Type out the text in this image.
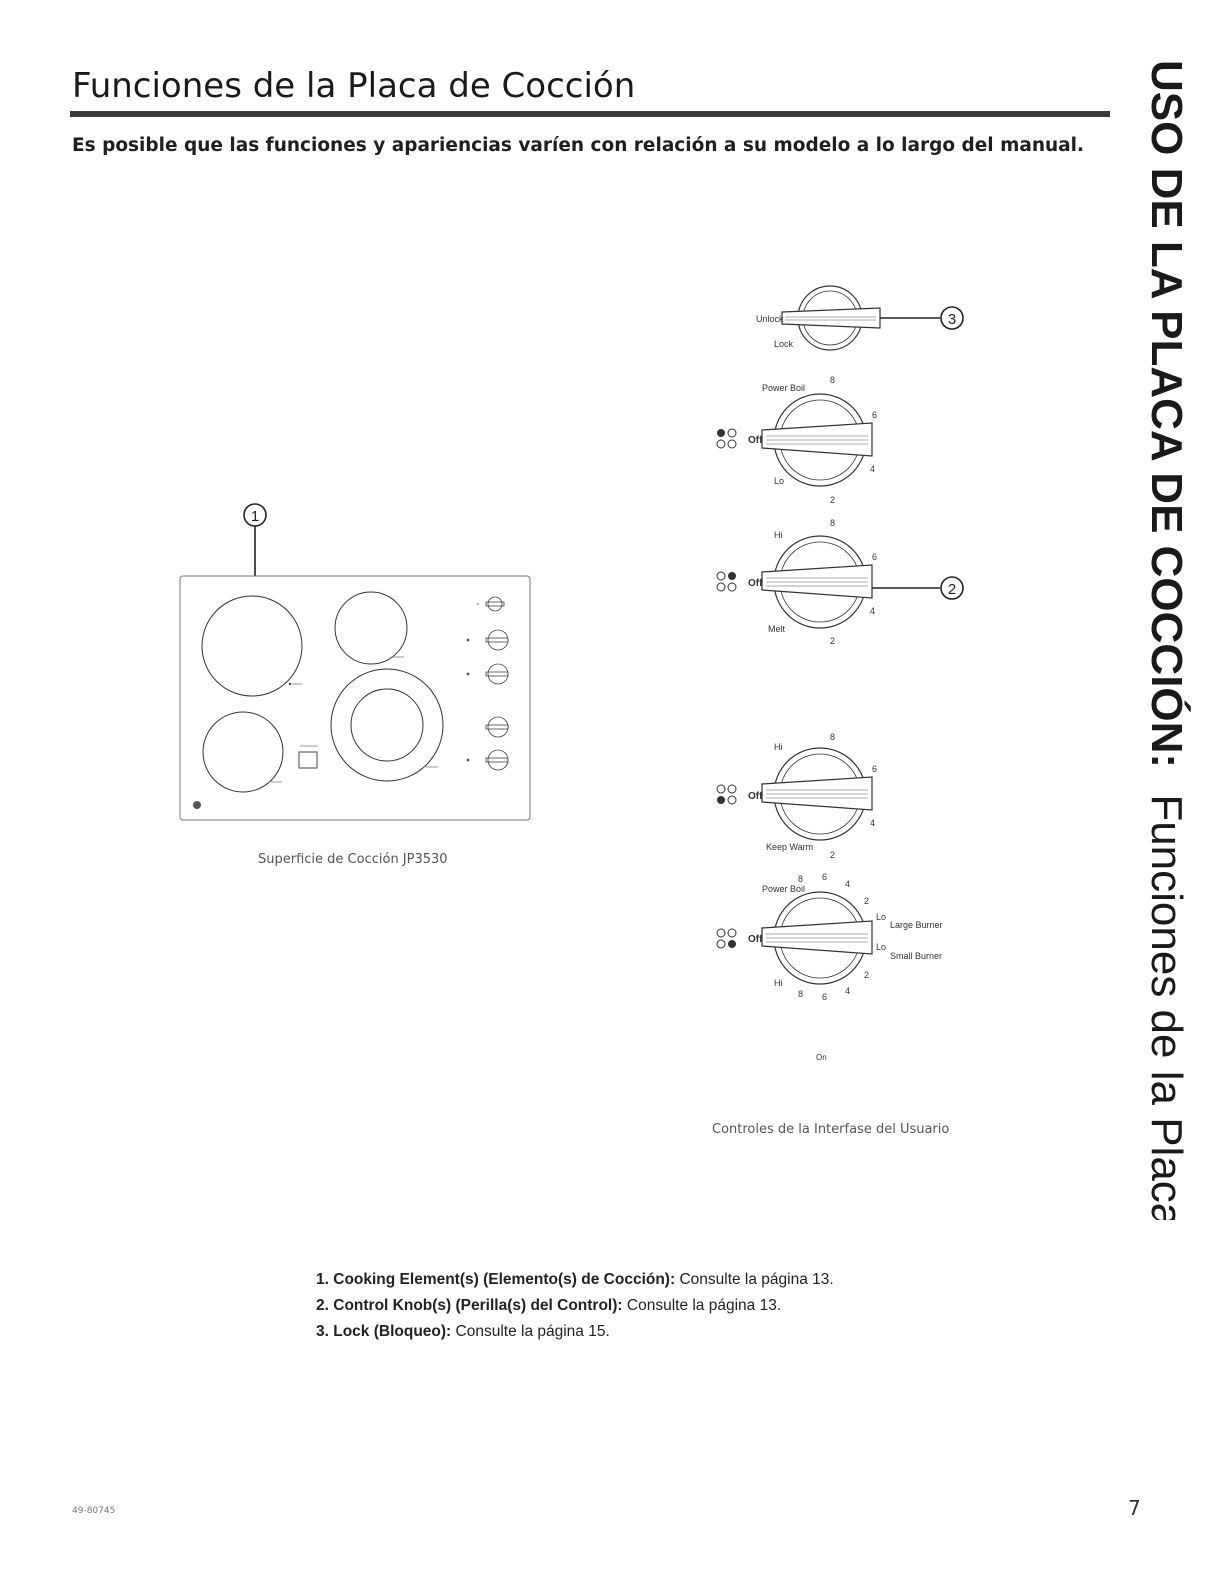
Funciones de la Placa de Cocción

Es posible que las funciones y apariencias varíen con relación a su modelo a lo largo del manual. USO DE LA PLACA DE COCCIÓN: Funciones de la Placa de Cocción
1
Superficie de Cocción JP3530
Unlock
Lock
3
Off
Power Boil
Lo
8
6
4
2
Off
Hi
Melt
8
6
4
2
2
Off
Hi
Keep Warm
8
6
4
2
Off
Power Boil
Hi
Lo
Large Burner
Lo
Small Burner
8 6
4
2
2
4
6
8
On
Controles de la Interfase del Usuario
1. Cooking Element(s) (Elemento(s) de Cocción): Consulte la página 13.
2. Control Knob(s) (Perilla(s) del Control): Consulte la página 13.
3. Lock (Bloqueo): Consulte la página 15.
49-80745	7
